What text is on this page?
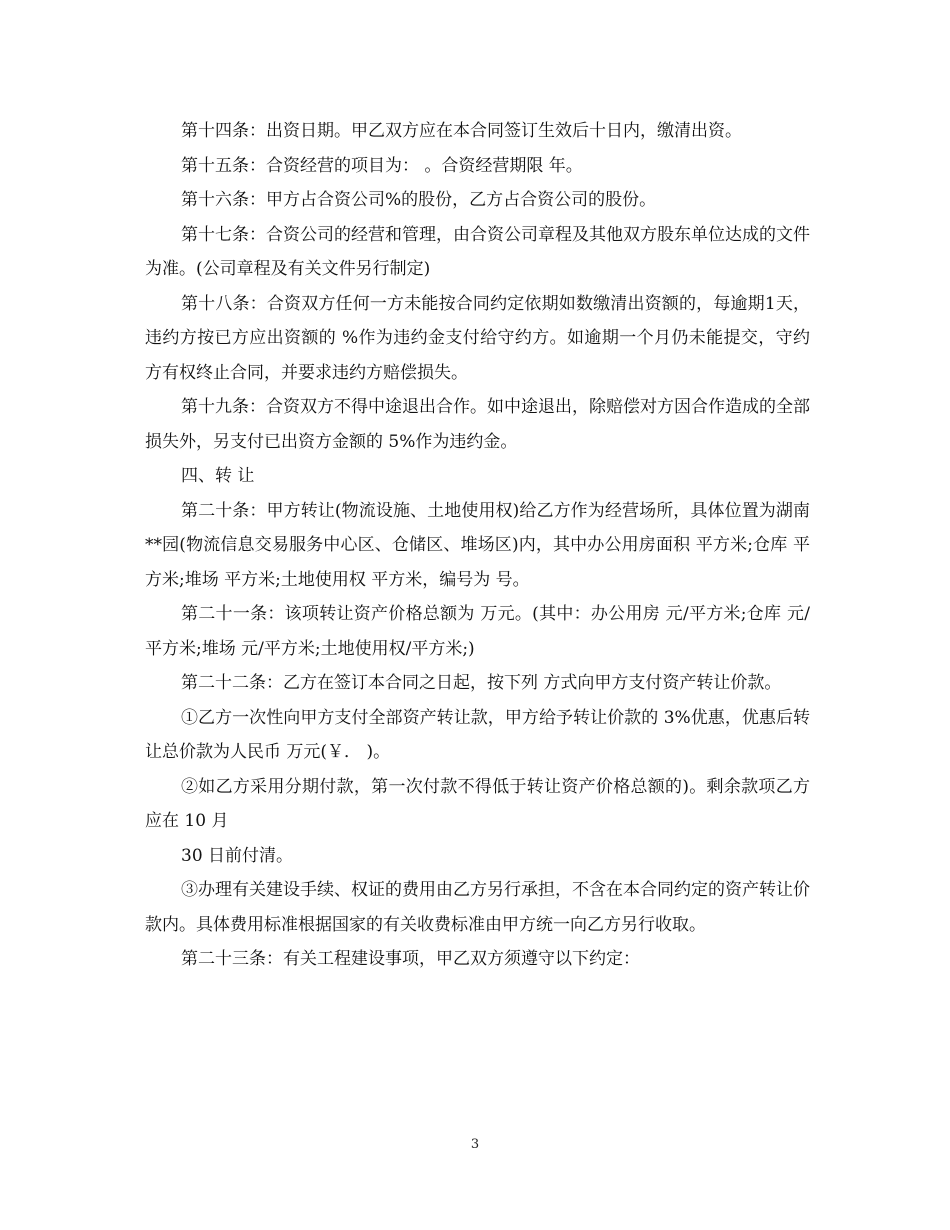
第十四条：出资日期。甲乙双方应在本合同签订生效后十日内，缴清出资。

第十五条：合资经营的项目为： 。合资经营期限 年。

第十六条：甲方占合资公司%的股份，乙方占合资公司的股份。

第十七条：合资公司的经营和管理，由合资公司章程及其他双方股东单位达成的文件为准。(公司章程及有关文件另行制定)

第十八条：合资双方任何一方未能按合同约定依期如数缴清出资额的，每逾期1天，违约方按已方应出资额的 %作为违约金支付给守约方。如逾期一个月仍未能提交，守约方有权终止合同，并要求违约方赔偿损失。

第十九条：合资双方不得中途退出合作。如中途退出，除赔偿对方因合作造成的全部损失外，另支付已出资方金额的 5%作为违约金。

四、转 让

第二十条：甲方转让(物流设施、土地使用权)给乙方作为经营场所，具体位置为湖南**园(物流信息交易服务中心区、仓储区、堆场区)内，其中办公用房面积 平方米;仓库 平方米;堆场 平方米;土地使用权 平方米，编号为 号。

第二十一条：该项转让资产价格总额为 万元。(其中：办公用房 元/平方米;仓库 元/平方米;堆场 元/平方米;土地使用权/平方米;)

第二十二条：乙方在签订本合同之日起，按下列 方式向甲方支付资产转让价款。

①乙方一次性向甲方支付全部资产转让款，甲方给予转让价款的 3%优惠，优惠后转让总价款为人民币 万元(￥． )。

②如乙方采用分期付款，第一次付款不得低于转让资产价格总额的)。剩余款项乙方应在 10 月

30 日前付清。

③办理有关建设手续、权证的费用由乙方另行承担，不含在本合同约定的资产转让价款内。具体费用标准根据国家的有关收费标准由甲方统一向乙方另行收取。

第二十三条：有关工程建设事项，甲乙双方须遵守以下约定：

3
